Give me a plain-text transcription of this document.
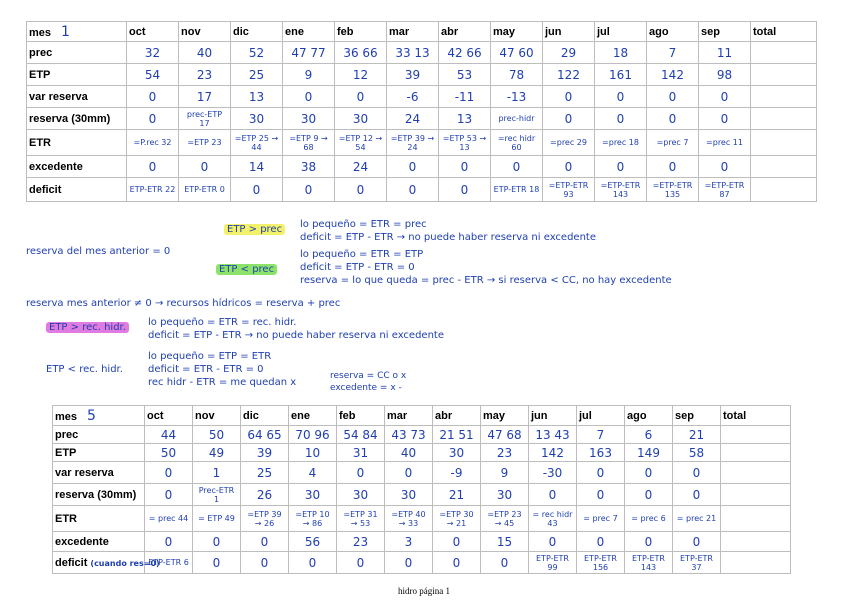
mes 1	oct	nov	dic	ene	feb	mar	abr	may	jun	jul	ago	sep	total
prec	32	40	52	47 77	36 66	33 13	42 66	47 60	29	18	7	11	
ETP	54	23	25	9	12	39	53	78	122	161	142	98	
var reserva	0	17	13	0	0	-6	-11	-13	0	0	0	0	
reserva (30mm)	0	prec-ETP 17	30	30	30	24	13	prec-hidr	0	0	0	0	
ETR	=P.rec 32	=ETP 23	=ETP 25 → 44	=ETP 9 → 68	=ETP 12 → 54	=ETP 39 → 24	=ETP 53 → 13	=rec hidr 60	=prec 29	=prec 18	=prec 7	=prec 11	
excedente	0	0	14	38	24	0	0	0	0	0	0	0	
deficit	ETP-ETR 22	ETP-ETR 0	0	0	0	0	0	ETP-ETR 18	=ETP-ETR 93	=ETP-ETR 143	=ETP-ETR 135	=ETP-ETR 87	
reserva del mes anterior = 0
ETP > prec	lo pequeño = ETR = prec
deficit = ETP - ETR → no puede haber reserva ni excedente
ETP < prec
lo pequeño = ETR = ETP
deficit = ETP - ETR = 0
reserva = lo que queda = prec - ETR → si reserva < CC, no hay excedente
reserva mes anterior ≠ 0 → recursos hídricos = reserva + prec
ETP > rec. hidr.	lo pequeño = ETR = rec. hidr.
deficit = ETP - ETR → no puede haber reserva ni excedente
ETP < rec. hidr.
lo pequeño = ETP = ETR
deficit = ETR - ETR = 0
rec hidr - ETR = me quedan x
reserva = CC o x
excedente = x -
mes 5	oct	nov	dic	ene	feb	mar	abr	may	jun	jul	ago	sep	total
prec	44	50	64 65	70 96	54 84	43 73	21 51	47 68	13 43	7	6	21	
ETP	50	49	39	10	31	40	30	23	142	163	149	58	
var reserva	0	1	25	4	0	0	-9	9	-30	0	0	0	
reserva (30mm)	0	Prec-ETR 1	26	30	30	30	21	30	0	0	0	0	
ETR	= prec 44	= ETP 49	=ETP 39 → 26	=ETP 10 → 86	=ETP 31 → 53	=ETP 40 → 33	=ETP 30 → 21	=ETP 23 → 45	= rec hidr 43	= prec 7	= prec 6	= prec 21	
excedente	0	0	0	56	23	3	0	15	0	0	0	0	
deficit (cuando res=0)	ETP-ETR 6	0	0	0	0	0	0	0	ETP-ETR 99	ETP-ETR 156	ETP-ETR 143	ETP-ETR 37	
hidro página 1
